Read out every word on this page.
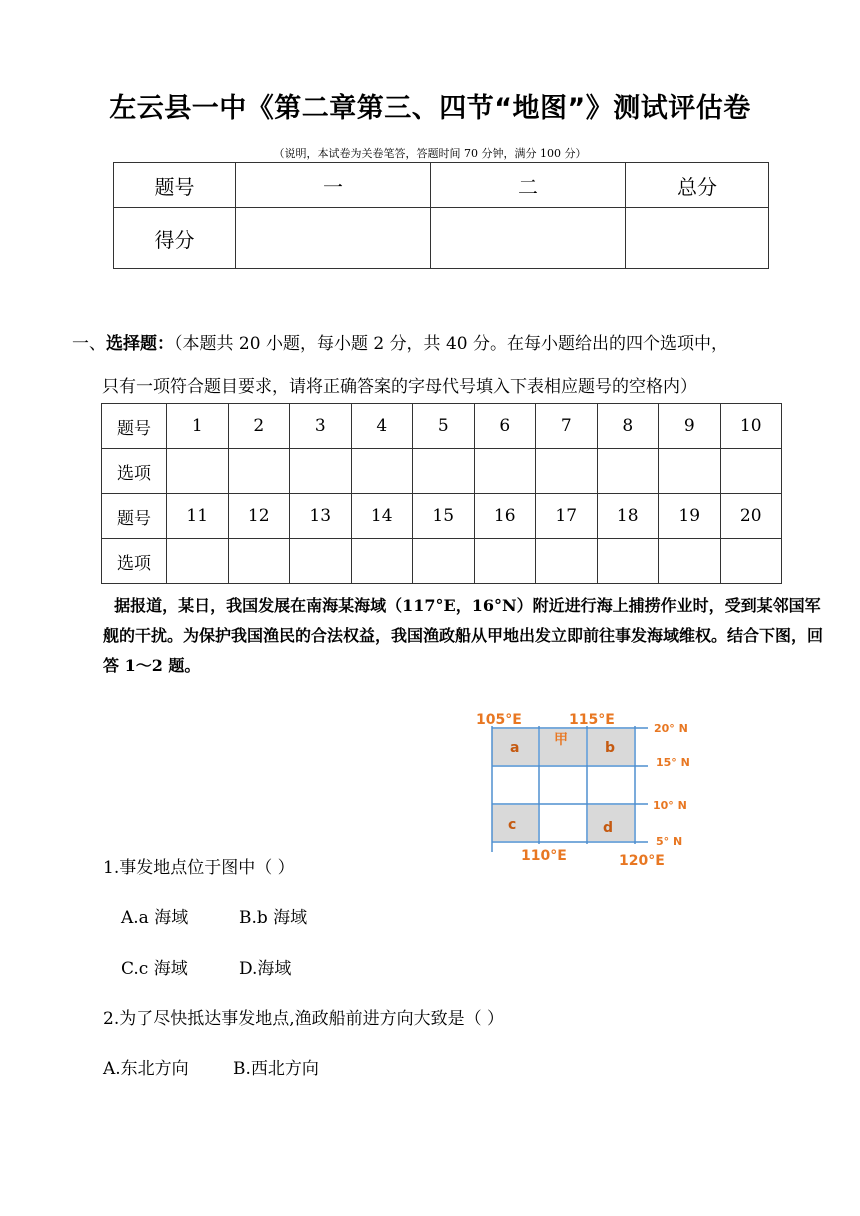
左云县一中《第二章第三、四节“地图”》测试评估卷
（说明，本试卷为关卷笔答，答题时间 70 分钟，满分 100 分）
题号	一	二	总分
得分			
一、选择题：（本题共 20 小题，每小题 2 分，共 40 分。在每小题给出的四个选项中，
只有一项符合题目要求，请将正确答案的字母代号填入下表相应题号的空格内）
题号	1	2	3	4	5	6	7	8	9	10
选项										
题号	11	12	13	14	15	16	17	18	19	20
选项										
据报道，某日，我国发展在南海某海域（117°E，16°N）附近进行海上捕捞作业时，受到某邻国军舰的干扰。为保护我国渔民的合法权益，我国渔政船从甲地出发立即前往事发海域维权。结合下图，回答 1～2 题。
a 甲	b
c	d
105°E	115°E
110°E	120°E
20° N
15° N
10° N
5° N
1.事发地点位于图中（ ）
A.a 海域	B.b 海域
C.c 海域	D.海域
2.为了尽快抵达事发地点,渔政船前进方向大致是（ ）
A.东北方向	B.西北方向
